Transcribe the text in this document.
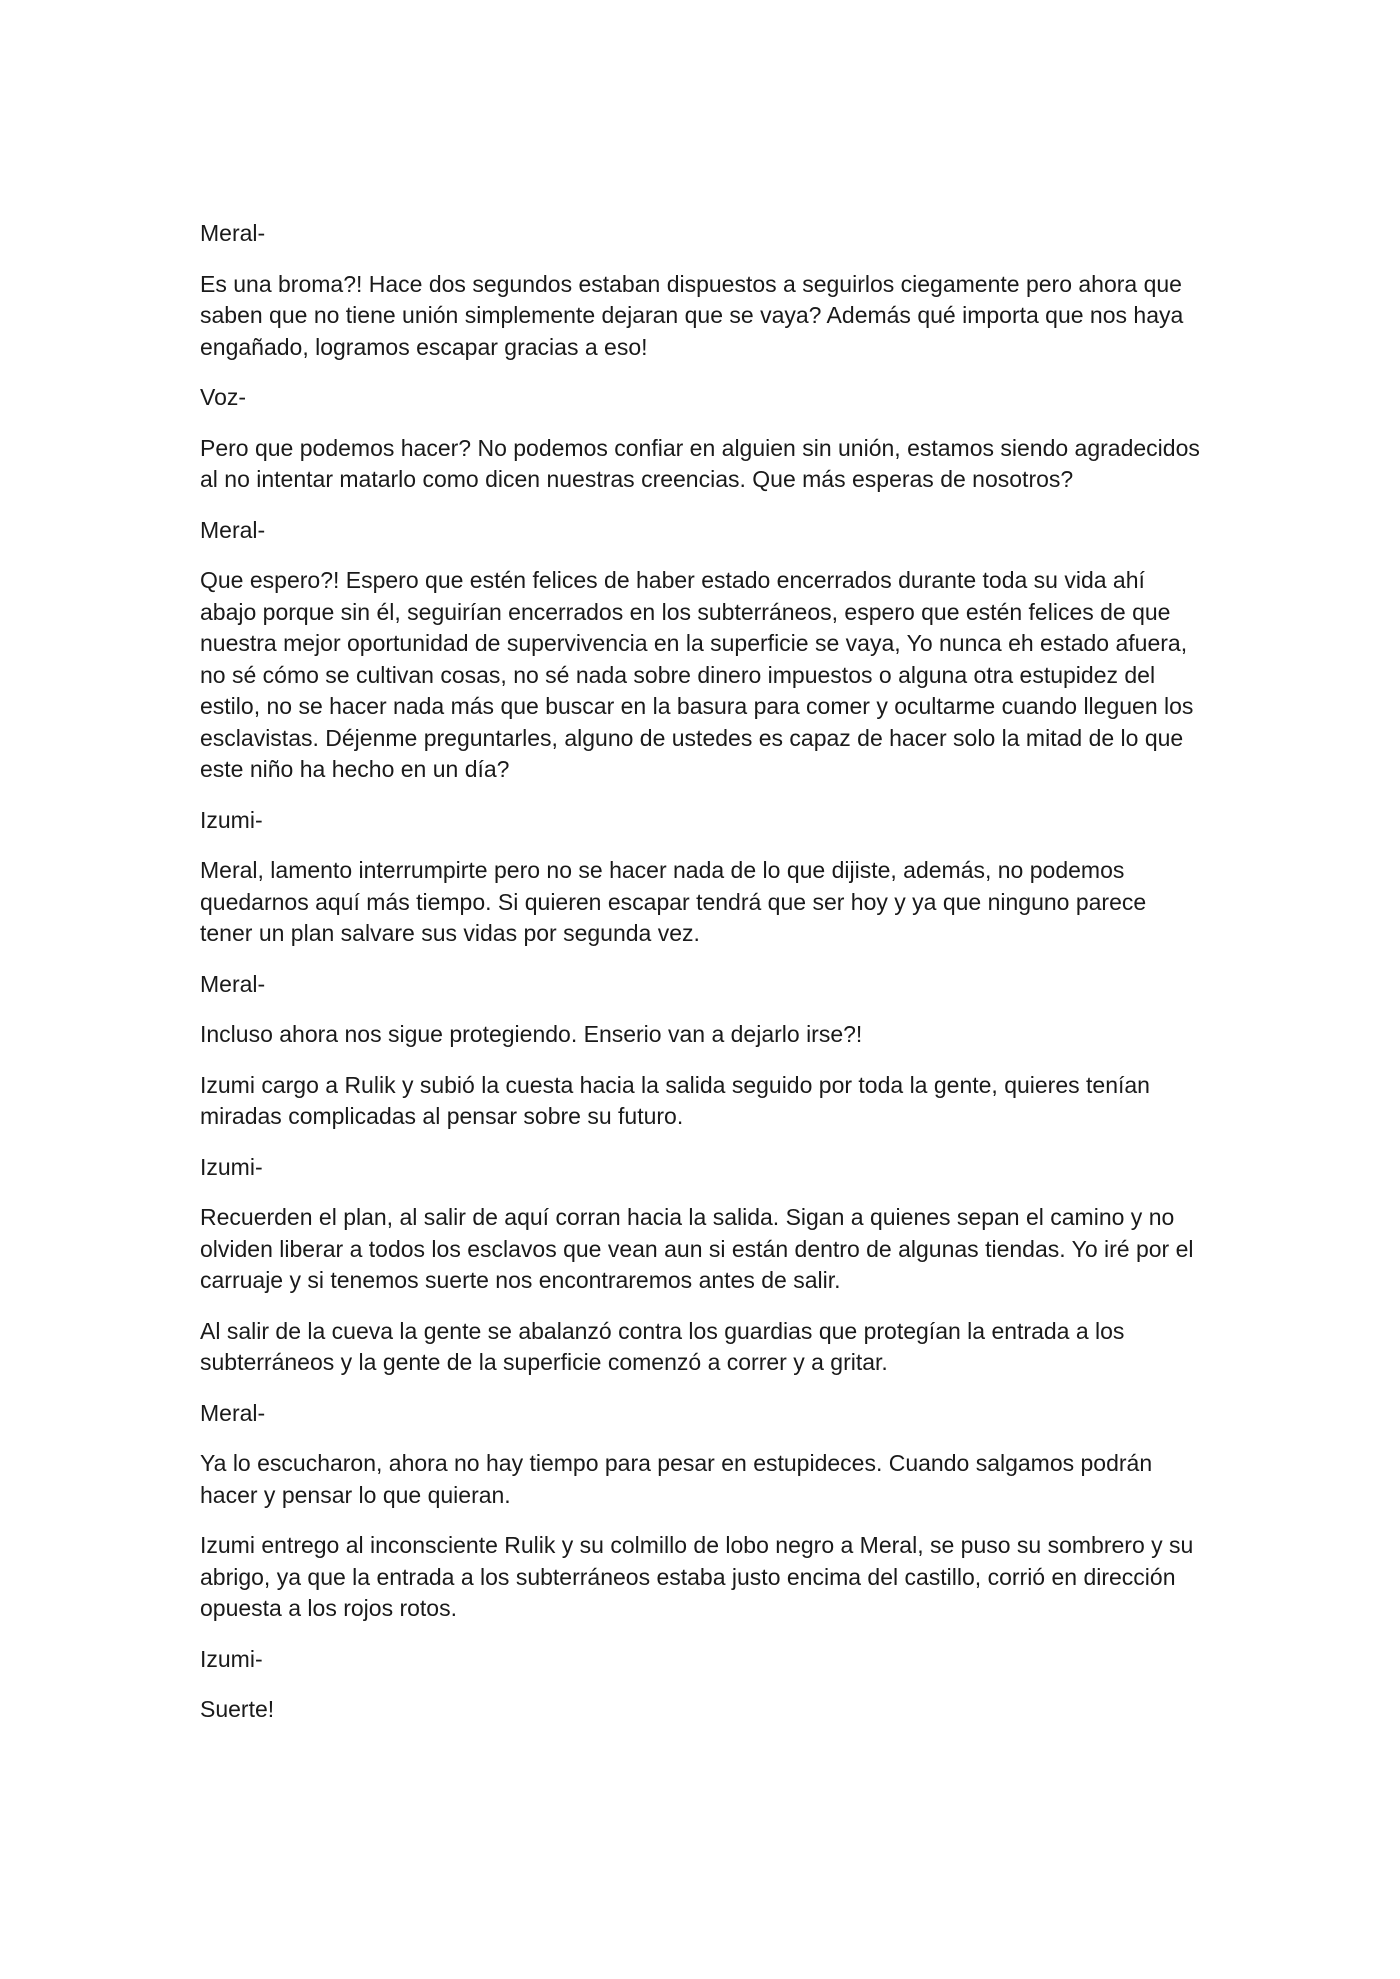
Meral-

Es una broma?! Hace dos segundos estaban dispuestos a seguirlos ciegamente pero ahora que saben que no tiene unión simplemente dejaran que se vaya? Además qué importa que nos haya engañado, logramos escapar gracias a eso!

Voz-

Pero que podemos hacer? No podemos confiar en alguien sin unión, estamos siendo agradecidos al no intentar matarlo como dicen nuestras creencias. Que más esperas de nosotros?

Meral-

Que espero?! Espero que estén felices de haber estado encerrados durante toda su vida ahí abajo porque sin él, seguirían encerrados en los subterráneos, espero que estén felices de que nuestra mejor oportunidad de supervivencia en la superficie se vaya, Yo nunca eh estado afuera, no sé cómo se cultivan cosas, no sé nada sobre dinero impuestos o alguna otra estupidez del estilo, no se hacer nada más que buscar en la basura para comer y ocultarme cuando lleguen los esclavistas. Déjenme preguntarles, alguno de ustedes es capaz de hacer solo la mitad de lo que este niño ha hecho en un día?

Izumi-

Meral, lamento interrumpirte pero no se hacer nada de lo que dijiste, además, no podemos quedarnos aquí más tiempo. Si quieren escapar tendrá que ser hoy y ya que ninguno parece tener un plan salvare sus vidas por segunda vez.

Meral-

Incluso ahora nos sigue protegiendo. Enserio van a dejarlo irse?!

Izumi cargo a Rulik y subió la cuesta hacia la salida seguido por toda la gente, quieres tenían miradas complicadas al pensar sobre su futuro.

Izumi-

Recuerden el plan, al salir de aquí corran hacia la salida. Sigan a quienes sepan el camino y no olviden liberar a todos los esclavos que vean aun si están dentro de algunas tiendas. Yo iré por el carruaje y si tenemos suerte nos encontraremos antes de salir.

Al salir de la cueva la gente se abalanzó contra los guardias que protegían la entrada a los subterráneos y la gente de la superficie comenzó a correr y a gritar.

Meral-

Ya lo escucharon, ahora no hay tiempo para pesar en estupideces. Cuando salgamos podrán hacer y pensar lo que quieran.

Izumi entrego al inconsciente Rulik y su colmillo de lobo negro a Meral, se puso su sombrero y su abrigo, ya que la entrada a los subterráneos estaba justo encima del castillo, corrió en dirección opuesta a los rojos rotos.

Izumi-

Suerte!
